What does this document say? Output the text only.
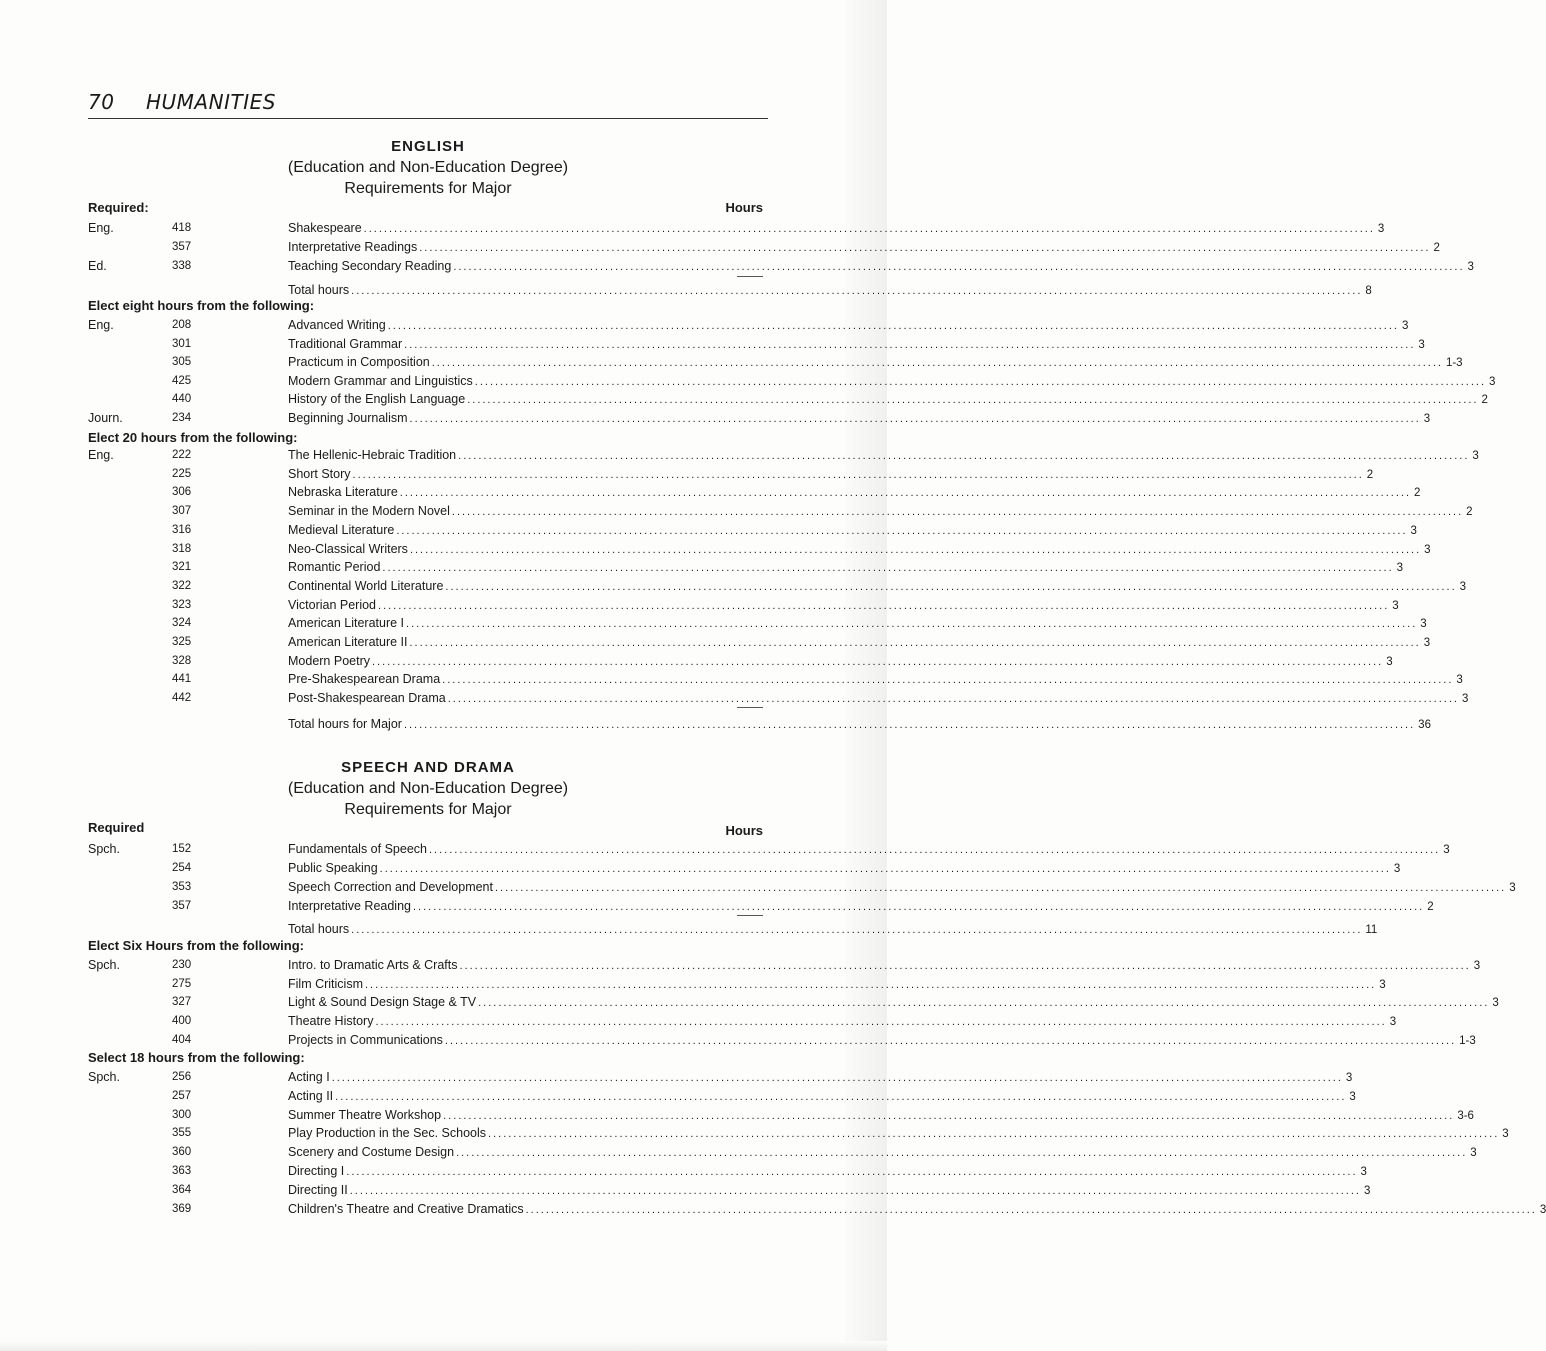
70 HUMANITIES
ENGLISH
(Education and Non-Education Degree)
Requirements for Major
Required:	Hours
Eng.	418	Shakespeare ........................................................................................................................................................................................................ 3
357	Interpretative Readings ........................................................................................................................................................................................................ 2
Ed.	338	Teaching Secondary Reading ........................................................................................................................................................................................................ 3
Total hours ........................................................................................................................................................................................................ 8
Elect eight hours from the following:
Eng.	208	Advanced Writing ........................................................................................................................................................................................................ 3
301	Traditional Grammar ........................................................................................................................................................................................................ 3
305	Practicum in Composition ........................................................................................................................................................................................................ 1-3
425	Modern Grammar and Linguistics ........................................................................................................................................................................................................ 3
440	History of the English Language ........................................................................................................................................................................................................ 2
Journ.	234	Beginning Journalism ........................................................................................................................................................................................................ 3
Elect 20 hours from the following:
Eng.	222	The Hellenic-Hebraic Tradition ........................................................................................................................................................................................................ 3
225	Short Story ........................................................................................................................................................................................................ 2
306	Nebraska Literature ........................................................................................................................................................................................................ 2
307	Seminar in the Modern Novel ........................................................................................................................................................................................................ 2
316	Medieval Literature ........................................................................................................................................................................................................ 3
318	Neo-Classical Writers ........................................................................................................................................................................................................ 3
321	Romantic Period ........................................................................................................................................................................................................ 3
322	Continental World Literature ........................................................................................................................................................................................................ 3
323	Victorian Period ........................................................................................................................................................................................................ 3
324	American Literature I ........................................................................................................................................................................................................ 3
325	American Literature II ........................................................................................................................................................................................................ 3
328	Modern Poetry ........................................................................................................................................................................................................ 3
441	Pre-Shakespearean Drama ........................................................................................................................................................................................................ 3
442	Post-Shakespearean Drama ........................................................................................................................................................................................................ 3
Total hours for Major ........................................................................................................................................................................................................ 36
SPEECH AND DRAMA
(Education and Non-Education Degree)
Requirements for Major
Required	Hours
Spch.	152	Fundamentals of Speech ........................................................................................................................................................................................................ 3
254	Public Speaking ........................................................................................................................................................................................................ 3
353	Speech Correction and Development ........................................................................................................................................................................................................ 3
357	Interpretative Reading ........................................................................................................................................................................................................ 2
Total hours ........................................................................................................................................................................................................ 11
Elect Six Hours from the following:
Spch.	230	Intro. to Dramatic Arts & Crafts ........................................................................................................................................................................................................ 3
275	Film Criticism ........................................................................................................................................................................................................ 3
327	Light & Sound Design Stage & TV ........................................................................................................................................................................................................ 3
400	Theatre History ........................................................................................................................................................................................................ 3
404	Projects in Communications ........................................................................................................................................................................................................ 1-3
Select 18 hours from the following:
Spch.	256	Acting I ........................................................................................................................................................................................................ 3
257	Acting II ........................................................................................................................................................................................................ 3
300	Summer Theatre Workshop ........................................................................................................................................................................................................ 3-6
355	Play Production in the Sec. Schools ........................................................................................................................................................................................................ 3
360	Scenery and Costume Design ........................................................................................................................................................................................................ 3
363	Directing I ........................................................................................................................................................................................................ 3
364	Directing II ........................................................................................................................................................................................................ 3
369	Children's Theatre and Creative Dramatics ........................................................................................................................................................................................................ 3
